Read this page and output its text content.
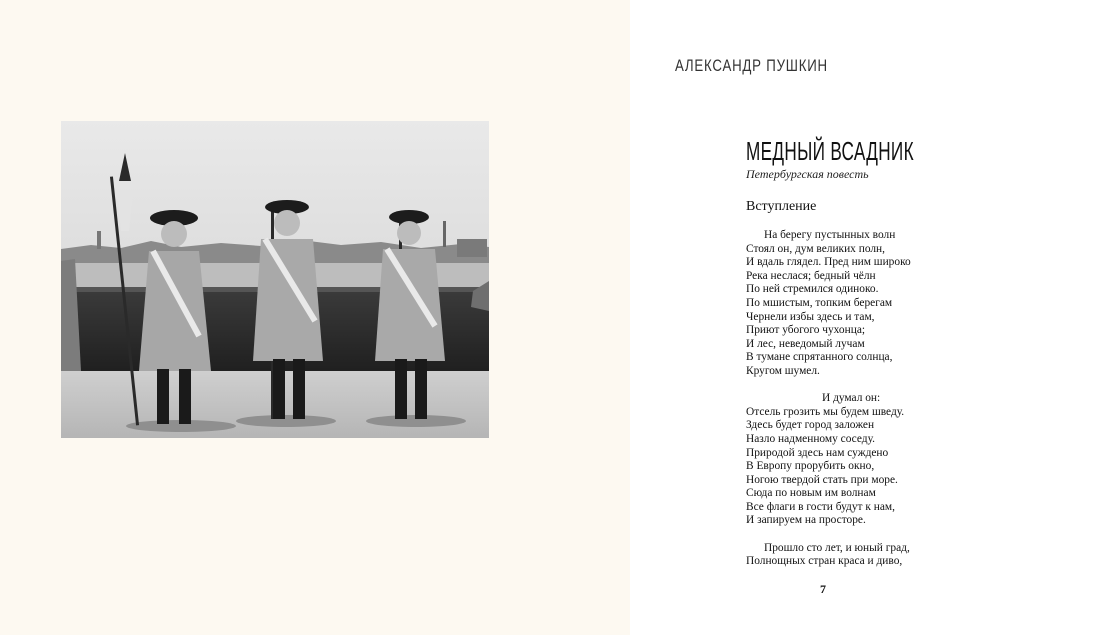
АЛЕКСАНДР ПУШКИН
МЕДНЫЙ ВСАДНИК
Петербургская повесть
Вступление
На берегу пустынных волн
Стоял он, дум великих полн,
И вдаль глядел. Пред ним широко
Река неслася; бедный чёлн
По ней стремился одиноко.
По мшистым, топким берегам
Чернели избы здесь и там,
Приют убогого чухонца;
И лес, неведомый лучам
В тумане спрятанного солнца,
Кругом шумел.
И думал он:
Отсель грозить мы будем шведу.
Здесь будет город заложен
Назло надменному соседу.
Природой здесь нам суждено
В Европу прорубить окно,
Ногою твердой стать при море.
Сюда по новым им волнам
Все флаги в гости будут к нам,
И запируем на просторе.
Прошло сто лет, и юный град,
Полнощных стран краса и диво,
7
